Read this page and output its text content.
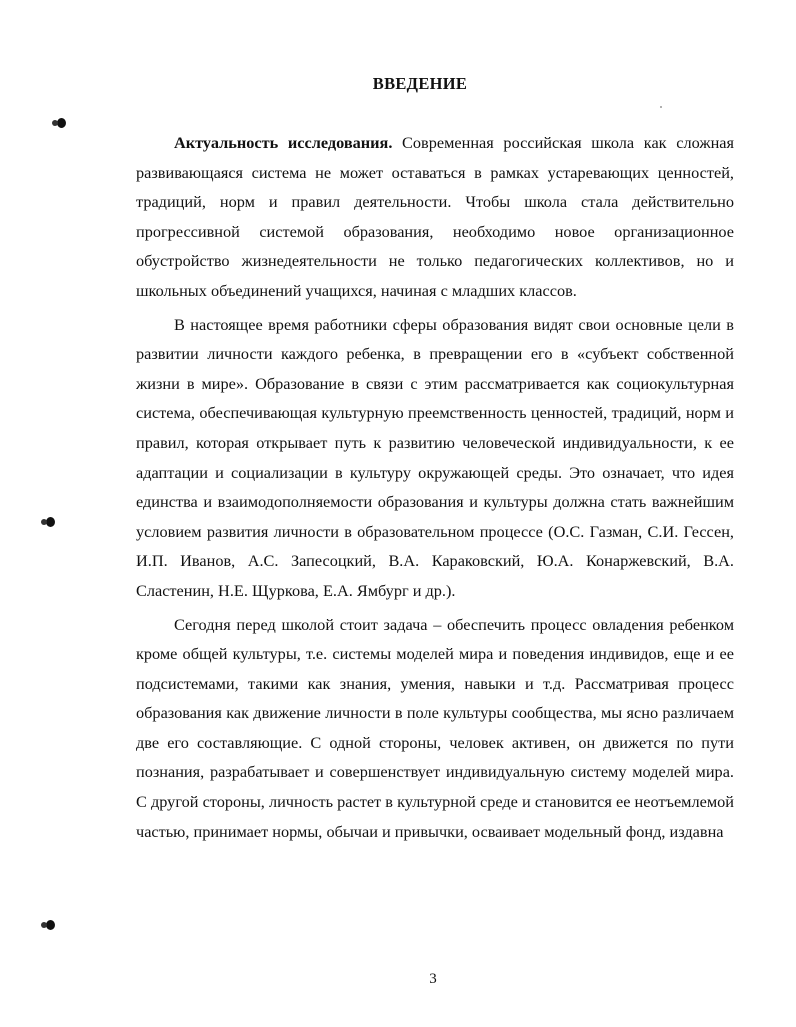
ВВЕДЕНИЕ

Актуальность исследования. Современная российская школа как сложная развивающаяся система не может оставаться в рамках устаревающих ценностей, традиций, норм и правил деятельности. Чтобы школа стала действительно прогрессивной системой образования, необходимо новое организационное обустройство жизнедеятельности не только педагогических коллективов, но и школьных объединений учащихся, начиная с младших классов.

В настоящее время работники сферы образования видят свои основные цели в развитии личности каждого ребенка, в превращении его в «субъект собственной жизни в мире». Образование в связи с этим рассматривается как социокультурная система, обеспечивающая культурную преемственность ценностей, традиций, норм и правил, которая открывает путь к развитию человеческой индивидуальности, к ее адаптации и социализации в культуру окружающей среды. Это означает, что идея единства и взаимодополняемости образования и культуры должна стать важнейшим условием развития личности в образовательном процессе (О.С. Газман, С.И. Гессен, И.П. Иванов, А.С. Запесоцкий, В.А. Караковский, Ю.А. Конаржевский, В.А. Сластенин, Н.Е. Щуркова, Е.А. Ямбург и др.).

Сегодня перед школой стоит задача – обеспечить процесс овладения ребенком кроме общей культуры, т.е. системы моделей мира и поведения индивидов, еще и ее подсистемами, такими как знания, умения, навыки и т.д. Рассматривая процесс образования как движение личности в поле культуры сообщества, мы ясно различаем две его составляющие. С одной стороны, человек активен, он движется по пути познания, разрабатывает и совершенствует индивидуальную систему моделей мира. С другой стороны, личность растет в культурной среде и становится ее неотъемлемой частью, принимает нормы, обычаи и привычки, осваивает модельный фонд, издавна

3
